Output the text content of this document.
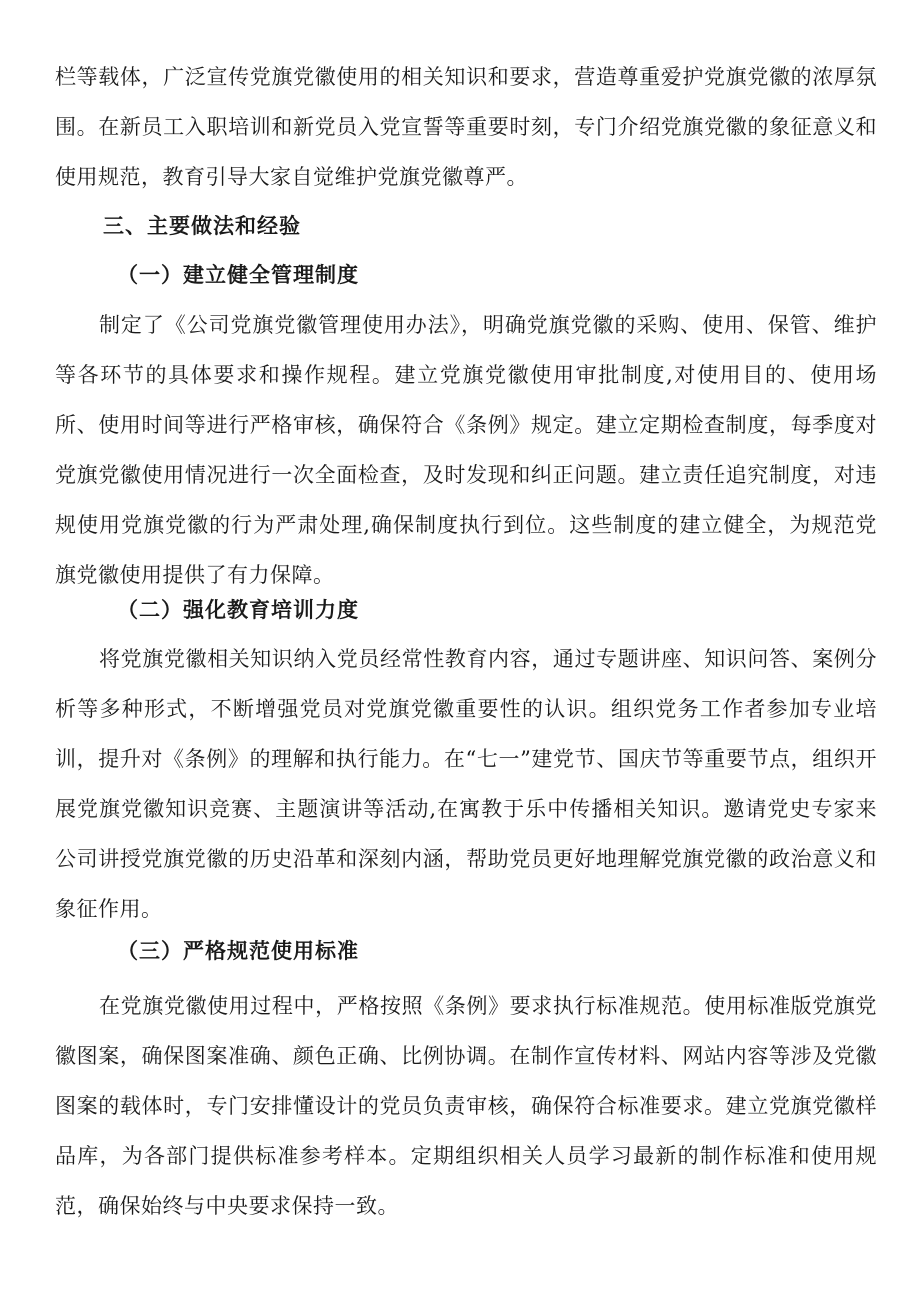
栏等载体，广泛宣传党旗党徽使用的相关知识和要求，营造尊重爱护党旗党徽的浓厚氛围。在新员工入职培训和新党员入党宣誓等重要时刻，专门介绍党旗党徽的象征意义和使用规范，教育引导大家自觉维护党旗党徽尊严。

三、主要做法和经验
（一）建立健全管理制度

制定了《公司党旗党徽管理使用办法》，明确党旗党徽的采购、使用、保管、维护等各环节的具体要求和操作规程。建立党旗党徽使用审批制度,对使用目的、使用场所、使用时间等进行严格审核，确保符合《条例》规定。建立定期检查制度，每季度对党旗党徽使用情况进行一次全面检查，及时发现和纠正问题。建立责任追究制度，对违规使用党旗党徽的行为严肃处理,确保制度执行到位。这些制度的建立健全，为规范党旗党徽使用提供了有力保障。

（二）强化教育培训力度

将党旗党徽相关知识纳入党员经常性教育内容，通过专题讲座、知识问答、案例分析等多种形式，不断增强党员对党旗党徽重要性的认识。组织党务工作者参加专业培训，提升对《条例》的理解和执行能力。在“七一”建党节、国庆节等重要节点，组织开展党旗党徽知识竞赛、主题演讲等活动,在寓教于乐中传播相关知识。邀请党史专家来公司讲授党旗党徽的历史沿革和深刻内涵，帮助党员更好地理解党旗党徽的政治意义和象征作用。

（三）严格规范使用标准

在党旗党徽使用过程中，严格按照《条例》要求执行标准规范。使用标准版党旗党徽图案，确保图案准确、颜色正确、比例协调。在制作宣传材料、网站内容等涉及党徽图案的载体时，专门安排懂设计的党员负责审核，确保符合标准要求。建立党旗党徽样品库，为各部门提供标准参考样本。定期组织相关人员学习最新的制作标准和使用规范，确保始终与中央要求保持一致。
